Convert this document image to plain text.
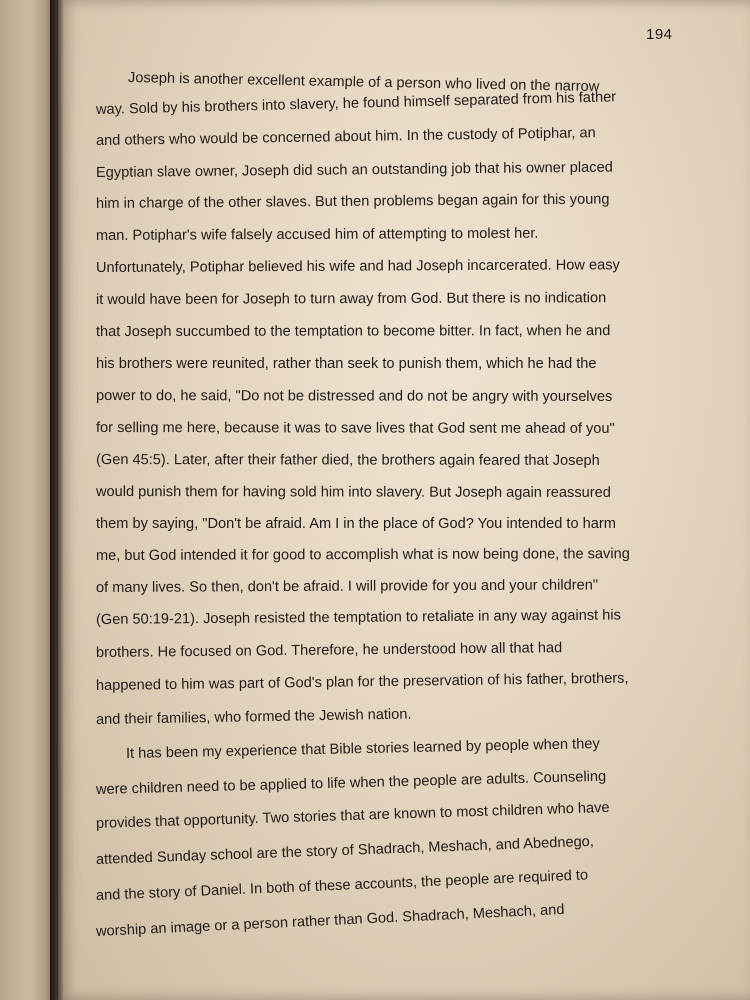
194
Joseph is another excellent example of a person who lived on the narrow
way. Sold by his brothers into slavery, he found himself separated from his father
and others who would be concerned about him. In the custody of Potiphar, an
Egyptian slave owner, Joseph did such an outstanding job that his owner placed
him in charge of the other slaves. But then problems began again for this young
man. Potiphar's wife falsely accused him of attempting to molest her.
Unfortunately, Potiphar believed his wife and had Joseph incarcerated. How easy
it would have been for Joseph to turn away from God. But there is no indication
that Joseph succumbed to the temptation to become bitter. In fact, when he and
his brothers were reunited, rather than seek to punish them, which he had the
power to do, he said, "Do not be distressed and do not be angry with yourselves
for selling me here, because it was to save lives that God sent me ahead of you"
(Gen 45:5). Later, after their father died, the brothers again feared that Joseph
would punish them for having sold him into slavery. But Joseph again reassured
them by saying, "Don't be afraid. Am I in the place of God? You intended to harm
me, but God intended it for good to accomplish what is now being done, the saving
of many lives. So then, don't be afraid. I will provide for you and your children"
(Gen 50:19-21). Joseph resisted the temptation to retaliate in any way against his
brothers. He focused on God. Therefore, he understood how all that had
happened to him was part of God's plan for the preservation of his father, brothers,
and their families, who formed the Jewish nation.
It has been my experience that Bible stories learned by people when they
were children need to be applied to life when the people are adults. Counseling
provides that opportunity. Two stories that are known to most children who have
attended Sunday school are the story of Shadrach, Meshach, and Abednego,
and the story of Daniel. In both of these accounts, the people are required to
worship an image or a person rather than God. Shadrach, Meshach, and
